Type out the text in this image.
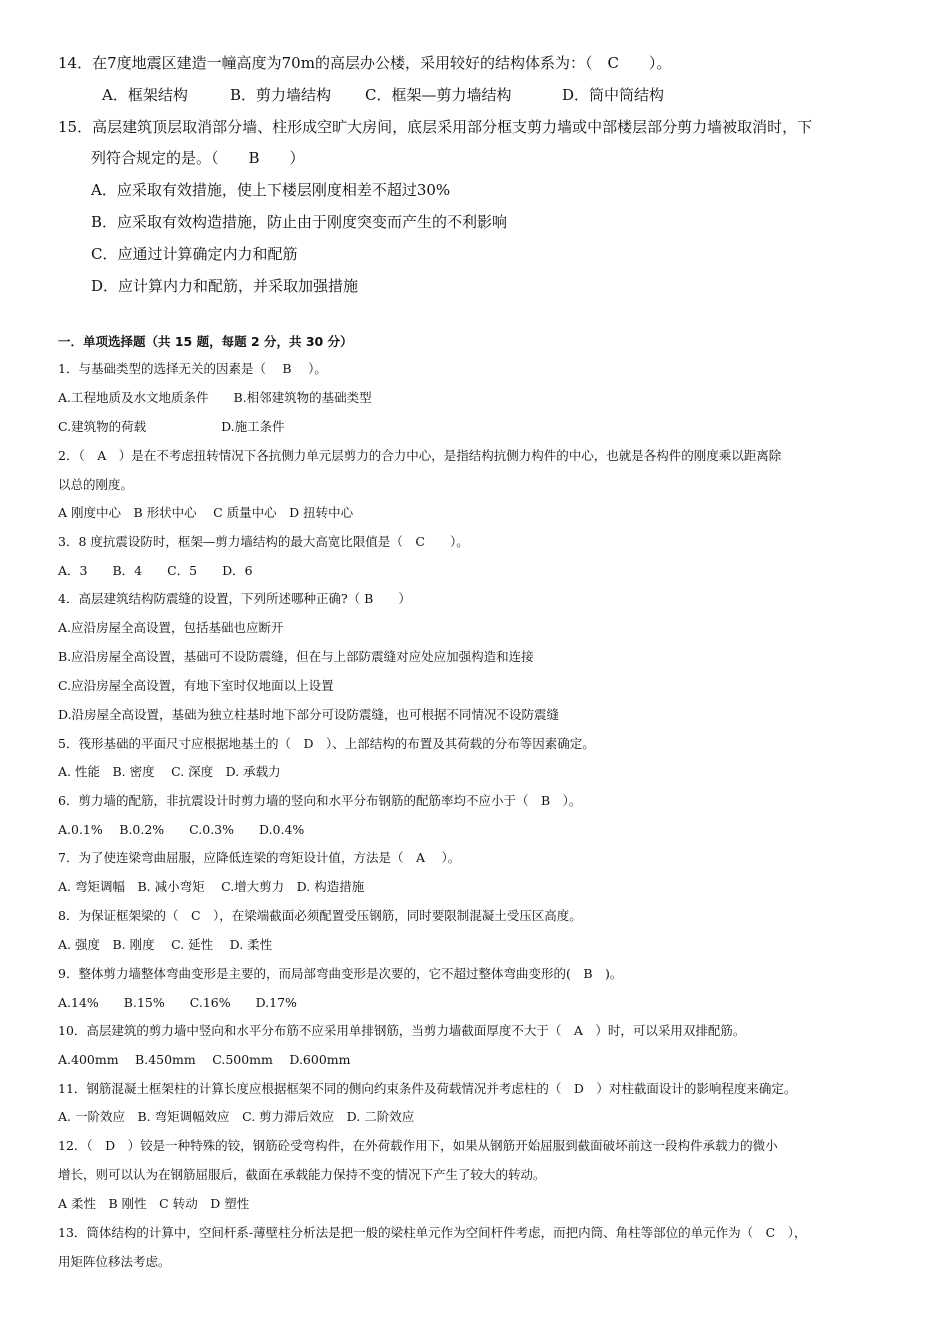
14．在7度地震区建造一幢高度为70m的高层办公楼，采用较好的结构体系为：（　C　　）。
A．框架结构	B．剪力墙结构 C．框架—剪力墙结构	D．筒中筒结构
15．高层建筑顶层取消部分墙、柱形成空旷大房间，底层采用部分框支剪力墙或中部楼层部分剪力墙被取消时，下
列符合规定的是。（　　B　　）
A．应采取有效措施，使上下楼层刚度相差不超过30%
B．应采取有效构造措施，防止由于刚度突变而产生的不利影响
C．应通过计算确定内力和配筋
D．应计算内力和配筋，并采取加强措施
一．单项选择题（共 15 题，每题 2 分，共 30 分）
1．与基础类型的选择无关的因素是（　 B　 ）。
A.工程地质及水文地质条件　　B.相邻建筑物的基础类型
C.建筑物的荷载　　　　　　D.施工条件
2．（　A　）是在不考虑扭转情况下各抗侧力单元层剪力的合力中心，是指结构抗侧力构件的中心，也就是各构件的刚度乘以距离除
以总的刚度。
A 刚度中心　B 形状中心　 C 质量中心　D 扭转中心
3．8 度抗震设防时，框架—剪力墙结构的最大高宽比限值是（　C　　）。
A．3　　B．4　　C．5　　D．6
4．高层建筑结构防震缝的设置，下列所述哪种正确?（ B　　）
A.应沿房屋全高设置，包括基础也应断开
B.应沿房屋全高设置，基础可不设防震缝，但在与上部防震缝对应处应加强构造和连接
C.应沿房屋全高设置，有地下室时仅地面以上设置
D.沿房屋全高设置，基础为独立柱基时地下部分可设防震缝，也可根据不同情况不设防震缝
5．筏形基础的平面尺寸应根据地基土的（　D　）、上部结构的布置及其荷载的分布等因素确定。
A. 性能　B. 密度　 C. 深度　D. 承载力
6．剪力墙的配筋，非抗震设计时剪力墙的竖向和水平分布钢筋的配筋率均不应小于（　B　）。
A.0.1%　 B.0.2%　　C.0.3%　　D.0.4%
7．为了使连梁弯曲屈服，应降低连梁的弯矩设计值，方法是（　A　 ）。
A. 弯矩调幅　B. 减小弯矩　 C.增大剪力　D. 构造措施
8．为保证框架梁的（　C　），在梁端截面必须配置受压钢筋，同时要限制混凝土受压区高度。
A. 强度　B. 刚度　 C. 延性　 D. 柔性
9．整体剪力墙整体弯曲变形是主要的，而局部弯曲变形是次要的，它不超过整体弯曲变形的(　B　)。
A.14%　　B.15%　　C.16%　　D.17%
10．高层建筑的剪力墙中竖向和水平分布筋不应采用单排钢筋，当剪力墙截面厚度不大于（　A　）时，可以采用双排配筋。
A.400mm　 B.450mm　 C.500mm　 D.600mm
11．钢筋混凝土框架柱的计算长度应根据框架不同的侧向约束条件及荷载情况并考虑柱的（　D　）对柱截面设计的影响程度来确定。
A. 一阶效应　B. 弯矩调幅效应　C. 剪力滞后效应　D. 二阶效应
12．（　D　）铰是一种特殊的铰，钢筋砼受弯构件，在外荷载作用下，如果从钢筋开始屈服到截面破坏前这一段构件承载力的微小
增长，则可以认为在钢筋屈服后，截面在承载能力保持不变的情况下产生了较大的转动。
A 柔性　B 刚性　C 转动　D 塑性
13．筒体结构的计算中，空间杆系-薄壁柱分析法是把一般的梁柱单元作为空间杆件考虑，而把内筒、角柱等部位的单元作为（　C　），
用矩阵位移法考虑。
